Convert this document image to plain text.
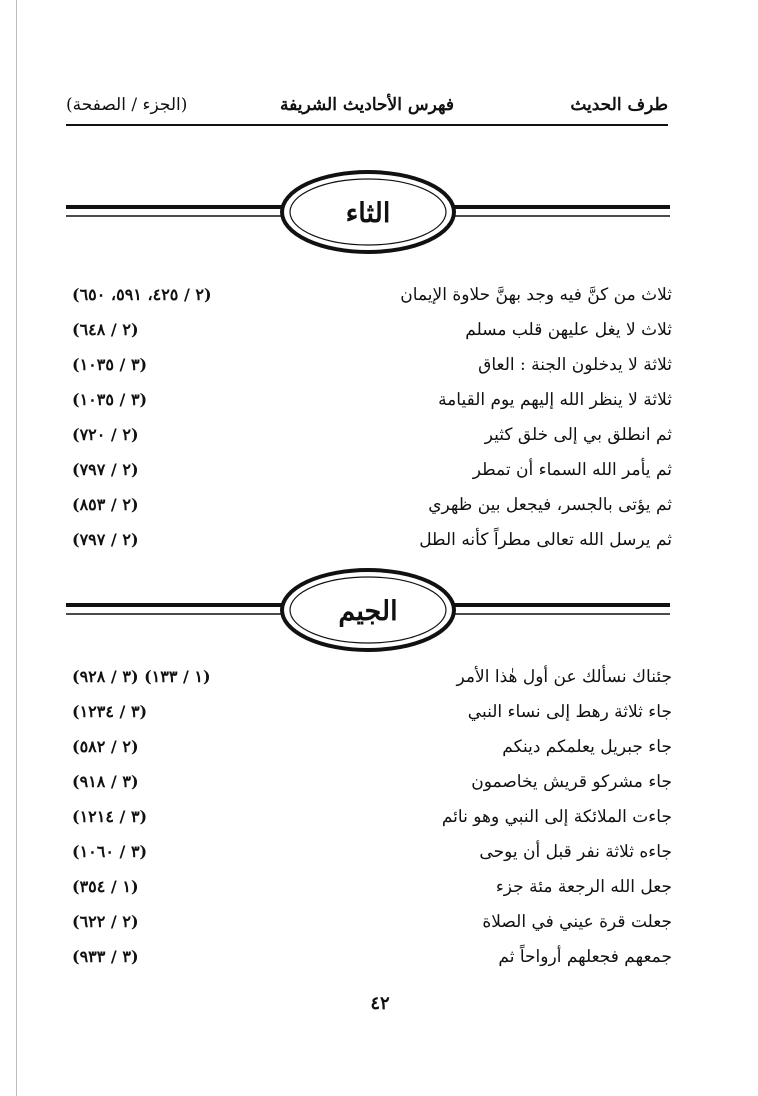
طرف الحديث
فهرس الأحاديث الشريفة
(الجزء / الصفحة)
الثاء
ثلاث من كنَّ فيه وجد بهنَّ حلاوة الإيمان
(٢ / ٤٢٥، ٥٩١، ٦٥٠)
ثلاث لا يغل عليهن قلب مسلم
(٢ / ٦٤٨)
ثلاثة لا يدخلون الجنة : العاق
(٣ / ١٠٣٥)
ثلاثة لا ينظر الله إليهم يوم القيامة
(٣ / ١٠٣٥)
ثم انطلق بي إلى خلق كثير
(٢ / ٧٢٠)
ثم يأمر الله السماء أن تمطر
(٢ / ٧٩٧)
ثم يؤتى بالجسر، فيجعل بين ظهري
(٢ / ٨٥٣)
ثم يرسل الله تعالى مطراً كأنه الطل
(٢ / ٧٩٧)
الجيم
جئناك نسألك عن أول هٰذا الأمر
(١ / ١٣٣) (٣ / ٩٢٨)
جاء ثلاثة رهط إلى نساء النبي
(٣ / ١٢٣٤)
جاء جبريل يعلمكم دينكم
(٢ / ٥٨٢)
جاء مشركو قريش يخاصمون
(٣ / ٩١٨)
جاءت الملائكة إلى النبي وهو نائم
(٣ / ١٢١٤)
جاءه ثلاثة نفر قبل أن يوحى
(٣ / ١٠٦٠)
جعل الله الرجعة مئة جزء
(١ / ٣٥٤)
جعلت قرة عيني في الصلاة
(٢ / ٦٢٢)
جمعهم فجعلهم أرواحاً ثم
(٣ / ٩٣٣)
٤٢
